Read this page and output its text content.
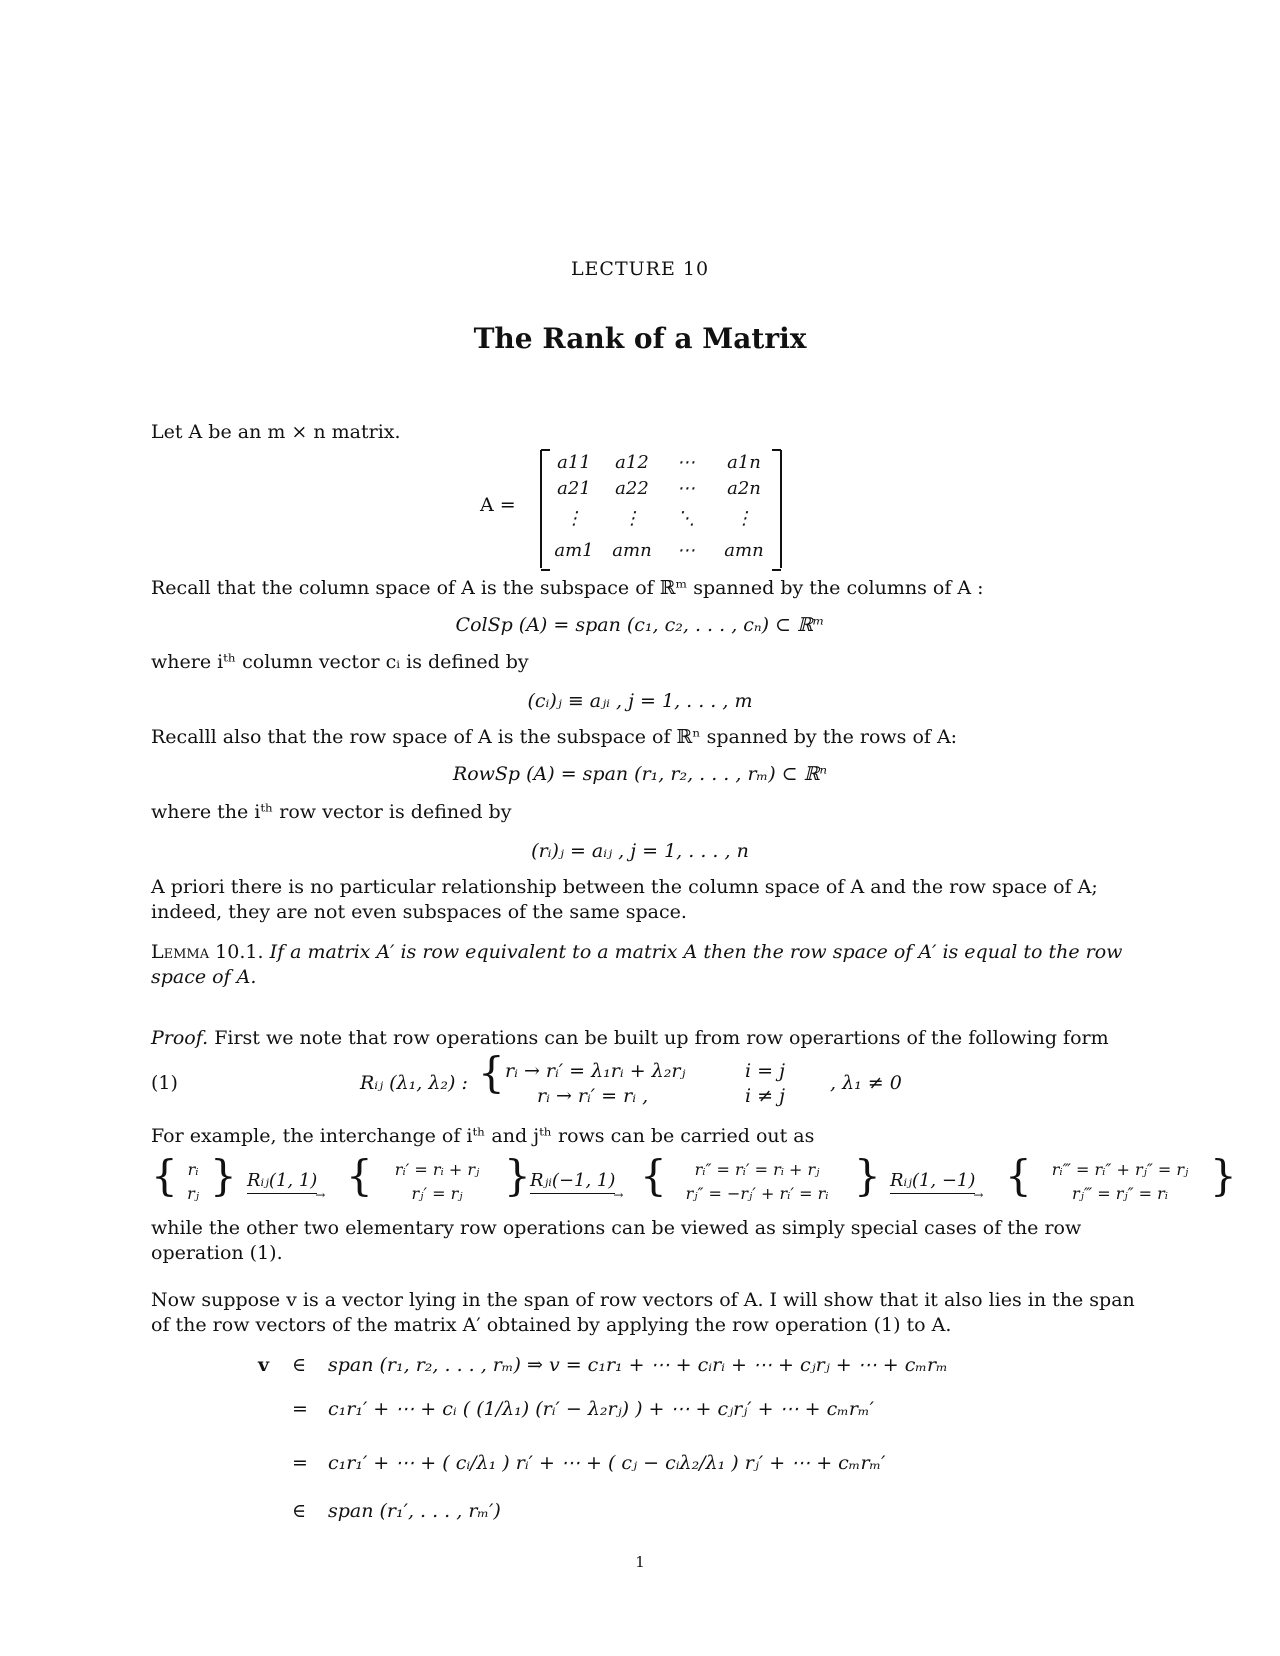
LECTURE 10
The Rank of a Matrix
Let A be an m × n matrix.
A =
a11	a12	⋯	a1n
a21	a22	⋯	a2n
⋮	⋮	⋱	⋮
am1	amn	⋯	amn
Recall that the column space of A is the subspace of ℝᵐ spanned by the columns of A :
ColSp (A) = span (c₁, c₂, . . . , cₙ) ⊂ ℝᵐ
where iᵗʰ column vector cᵢ is defined by
(cᵢ)ⱼ ≡ aⱼᵢ , j = 1, . . . , m
Recalll also that the row space of A is the subspace of ℝⁿ spanned by the rows of A:
RowSp (A) = span (r₁, r₂, . . . , rₘ) ⊂ ℝⁿ
where the iᵗʰ row vector is defined by
(rᵢ)ⱼ = aᵢⱼ , j = 1, . . . , n
A priori there is no particular relationship between the column space of A and the row space of A; indeed, they are not even subspaces of the same space.
Lemma 10.1. If a matrix A′ is row equivalent to a matrix A then the row space of A′ is equal to the row space of A.
Proof. First we note that row operations can be built up from row operartions of the following form
(1)	Rᵢⱼ (λ₁, λ₂) : { rᵢ → rᵢ′ = λ₁rᵢ + λ₂rⱼ	i = j
rᵢ → rᵢ′ = rᵢ ,	i ≠ j
, λ₁ ≠ 0
For example, the interchange of iᵗʰ and jᵗʰ rows can be carried out as
{ rᵢ
rⱼ } Rᵢⱼ(1, 1) → {	rᵢ′ = rᵢ + rⱼ
rⱼ′ = rⱼ } Rⱼᵢ(−1, 1) → {	rᵢ″ = rᵢ′ = rᵢ + rⱼ
rⱼ″ = −rⱼ′ + rᵢ′ = rᵢ } Rᵢⱼ(1, −1) → {	rᵢ‴ = rᵢ″ + rⱼ″ = rⱼ
rⱼ‴ = rⱼ″ = rᵢ }
while the other two elementary row operations can be viewed as simply special cases of the row operation (1).
Now suppose v is a vector lying in the span of row vectors of A. I will show that it also lies in the span of the row vectors of the matrix A′ obtained by applying the row operation (1) to A.
v ∈ span (r₁, r₂, . . . , rₘ) ⇒ v = c₁r₁ + ⋯ + cᵢrᵢ + ⋯ + cⱼrⱼ + ⋯ + cₘrₘ
= c₁r₁′ + ⋯ + cᵢ ( (1/λ₁) (rᵢ′ − λ₂rⱼ) ) + ⋯ + cⱼrⱼ′ + ⋯ + cₘrₘ′
= c₁r₁′ + ⋯ + ( cᵢ/λ₁ ) rᵢ′ + ⋯ + ( cⱼ − cᵢλ₂/λ₁ ) rⱼ′ + ⋯ + cₘrₘ′
∈ span (r₁′, . . . , rₘ′)
1
